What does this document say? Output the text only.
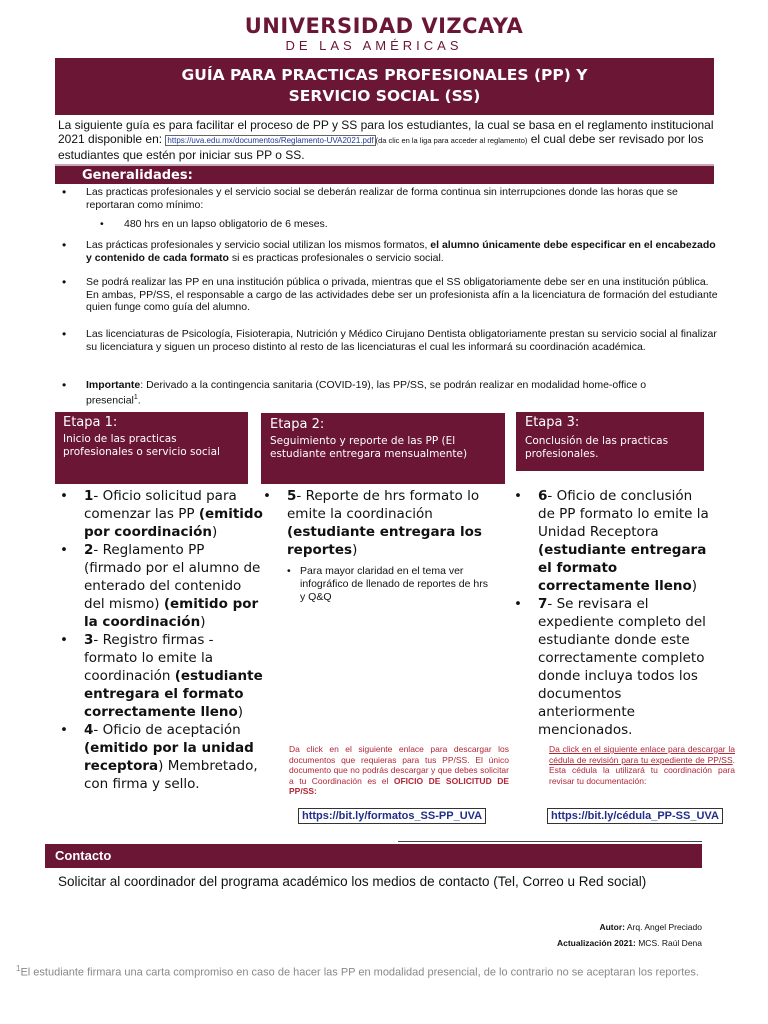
UNIVERSIDAD VIZCAYA
DE LAS AMÉRICAS
GUÍA PARA PRACTICAS PROFESIONALES (PP) Y
SERVICIO SOCIAL (SS)
La siguiente guía es para facilitar el proceso de PP y SS para los estudiantes, la cual se basa en el reglamento institucional 2021 disponible en: https://uva.edu.mx/documentos/Reglamento-UVA2021.pdf (da clic en la liga para acceder al reglamento) el cual debe ser revisado por los estudiantes que estén por iniciar sus PP o SS.
Generalidades:
• Las practicas profesionales y el servicio social se deberán realizar de forma continua sin interrupciones donde las horas que se reportaran como mínimo:
• 480 hrs en un lapso obligatorio de 6 meses.
• Las prácticas profesionales y servicio social utilizan los mismos formatos, el alumno únicamente debe especificar en el encabezado y contenido de cada formato si es practicas profesionales o servicio social.
• Se podrá realizar las PP en una institución pública o privada, mientras que el SS obligatoriamente debe ser en una institución pública. En ambas, PP/SS, el responsable a cargo de las actividades debe ser un profesionista afín a la licenciatura de formación del estudiante quien funge como guía del alumno.
• Las licenciaturas de Psicología, Fisioterapia, Nutrición y Médico Cirujano Dentista obligatoriamente prestan su servicio social al finalizar su licenciatura y siguen un proceso distinto al resto de las licenciaturas el cual les informará su coordinación académica.
• Importante: Derivado a la contingencia sanitaria (COVID-19), las PP/SS, se podrán realizar en modalidad home-office o presencial$^1$.
Etapa 1:
Inicio de las practicas profesionales o servicio social
Etapa 2:
Seguimiento y reporte de las PP (El estudiante entregara mensualmente)
Etapa 3:
Conclusión de las practicas profesionales.
• 1- Oficio solicitud para comenzar las PP (emitido por coordinación)
• 2- Reglamento PP (firmado por el alumno de enterado del contenido del mismo) (emitido por la coordinación)
• 3- Registro firmas - formato lo emite la coordinación (estudiante entregara el formato correctamente lleno)
• 4- Oficio de aceptación (emitido por la unidad receptora) Membretado, con firma y sello.
• 5- Reporte de hrs formato lo emite la coordinación (estudiante entregara los reportes)
• Para mayor claridad en el tema ver infográfico de llenado de reportes de hrs y Q&Q
Da click en el siguiente enlace para descargar los documentos que requieras para tus PP/SS. El único documento que no podrás descargar y que debes solicitar a tu Coordinación es el OFICIO DE SOLICITUD DE PP/SS:
https://bit.ly/formatos_SS-PP_UVA
• 6- Oficio de conclusión de PP formato lo emite la Unidad Receptora (estudiante entregara el formato correctamente lleno)
• 7- Se revisara el expediente completo del estudiante donde este correctamente completo donde incluya todos los documentos anteriormente mencionados.
Da click en el siguiente enlace para descargar la cédula de revisión para tu expediente de PP/SS. Esta cédula la utilizará tu coordinación para revisar tu documentación:
https://bit.ly/cédula_PP-SS_UVA
Contacto
Solicitar al coordinador del programa académico los medios de contacto (Tel, Correo u Red social)
Autor: Arq. Angel Preciado
Actualización 2021: MCS. Raúl Dena
$^1$El estudiante firmara una carta compromiso en caso de hacer las PP en modalidad presencial, de lo contrario no se aceptaran los reportes.
